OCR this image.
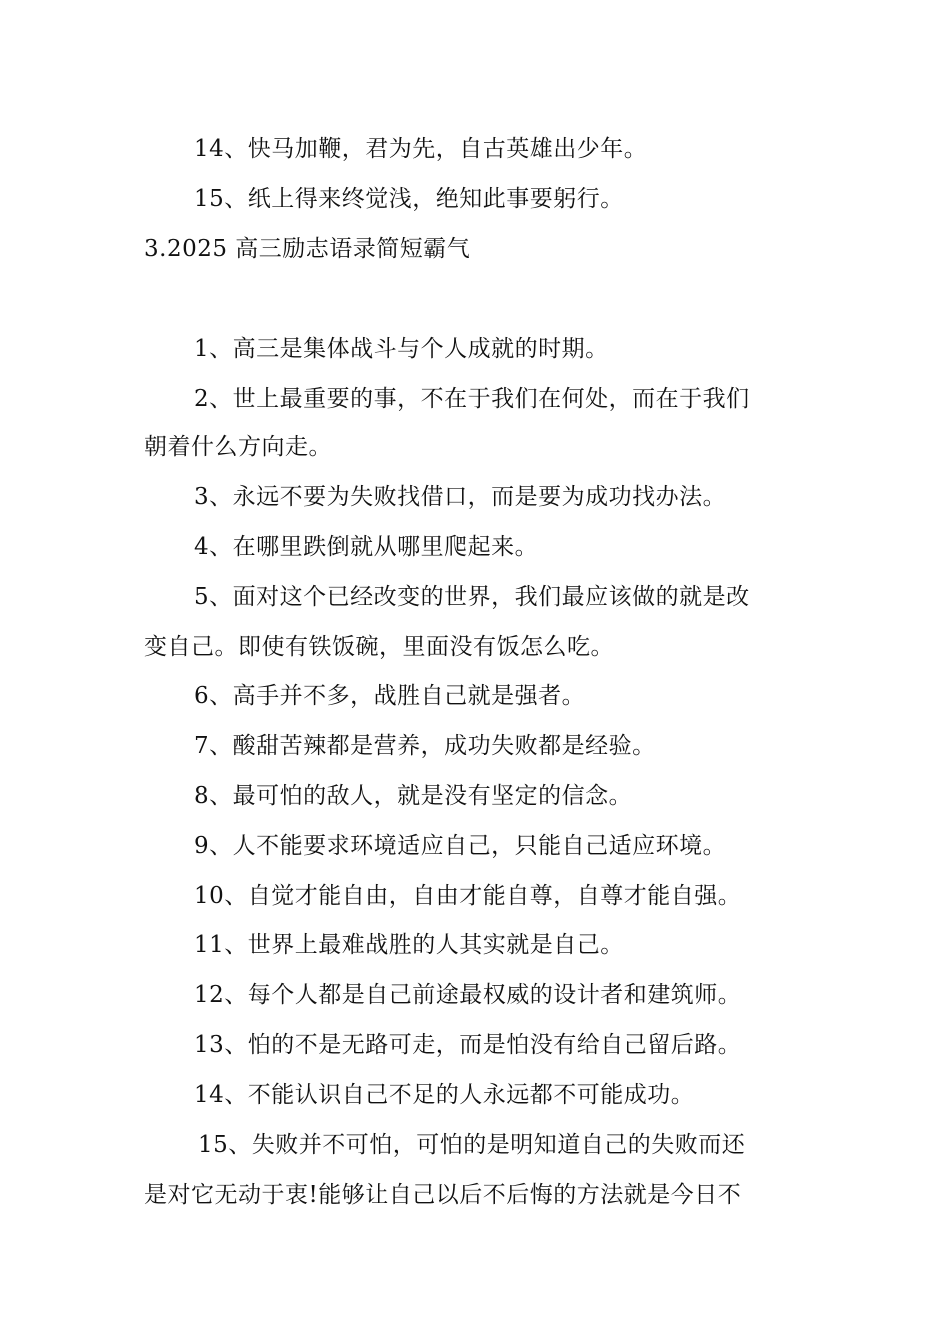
14、快马加鞭，君为先，自古英雄出少年。
15、纸上得来终觉浅，绝知此事要躬行。
3.2025 高三励志语录简短霸气
1、高三是集体战斗与个人成就的时期。
2、世上最重要的事，不在于我们在何处，而在于我们
朝着什么方向走。
3、永远不要为失败找借口，而是要为成功找办法。
4、在哪里跌倒就从哪里爬起来。
5、面对这个已经改变的世界，我们最应该做的就是改
变自己。即使有铁饭碗，里面没有饭怎么吃。
6、高手并不多，战胜自己就是强者。
7、酸甜苦辣都是营养，成功失败都是经验。
8、最可怕的敌人，就是没有坚定的信念。
9、人不能要求环境适应自己，只能自己适应环境。
10、自觉才能自由，自由才能自尊，自尊才能自强。
11、世界上最难战胜的人其实就是自己。
12、每个人都是自己前途最权威的设计者和建筑师。
13、怕的不是无路可走，而是怕没有给自己留后路。
14、不能认识自己不足的人永远都不可能成功。
15、失败并不可怕，可怕的是明知道自己的失败而还
是对它无动于衷!能够让自己以后不后悔的方法就是今日不
